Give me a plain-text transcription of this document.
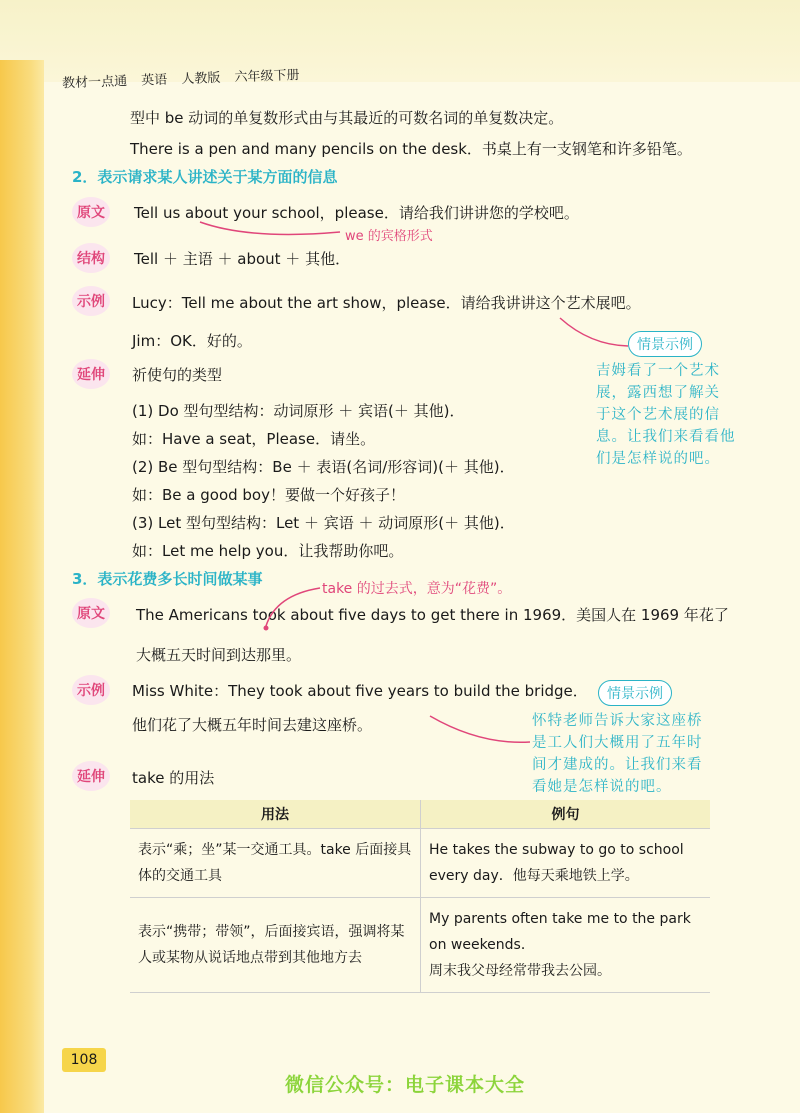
教材一点通 英语 人教版 六年级下册
型中 be 动词的单复数形式由与其最近的可数名词的单复数决定。
There is a pen and many pencils on the desk．书桌上有一支钢笔和许多铅笔。
2．表示请求某人讲述关于某方面的信息
原文	Tell us about your school，please．请给我们讲讲您的学校吧。
we 的宾格形式
结构	Tell ＋ 主语 ＋ about ＋ 其他．
示例	Lucy：Tell me about the art show，please．请给我讲讲这个艺术展吧。
Jim：OK．好的。	情景示例
吉姆看了一个艺术
展，露西想了解关
于这个艺术展的信
息。让我们来看看他
们是怎样说的吧。
延伸	祈使句的类型
(1) Do 型句型结构：动词原形 ＋ 宾语(＋ 其他)．
如：Have a seat，Please．请坐。
(2) Be 型句型结构：Be ＋ 表语(名词/形容词)(＋ 其他)．
如：Be a good boy！要做一个好孩子！
(3) Let 型句型结构：Let ＋ 宾语 ＋ 动词原形(＋ 其他)．
如：Let me help you．让我帮助你吧。
3．表示花费多长时间做某事
take 的过去式，意为“花费”。
原文	The Americans took about five days to get there in 1969．美国人在 1969 年花了
大概五天时间到达那里。
示例	Miss White：They took about five years to build the bridge．
他们花了大概五年时间去建这座桥。
情景示例
怀特老师告诉大家这座桥
是工人们大概用了五年时
间才建成的。让我们来看
看她是怎样说的吧。
延伸	take 的用法
用法	例句
表示“乘；坐”某一交通工具。take 后面接具体的交通工具	He takes the subway to go to school every day．他每天乘地铁上学。
表示“携带；带领”，后面接宾语，强调将某人或某物从说话地点带到其他地方去	My parents often take me to the park on weekends．
周末我父母经常带我去公园。
108
微信公众号：电子课本大全
